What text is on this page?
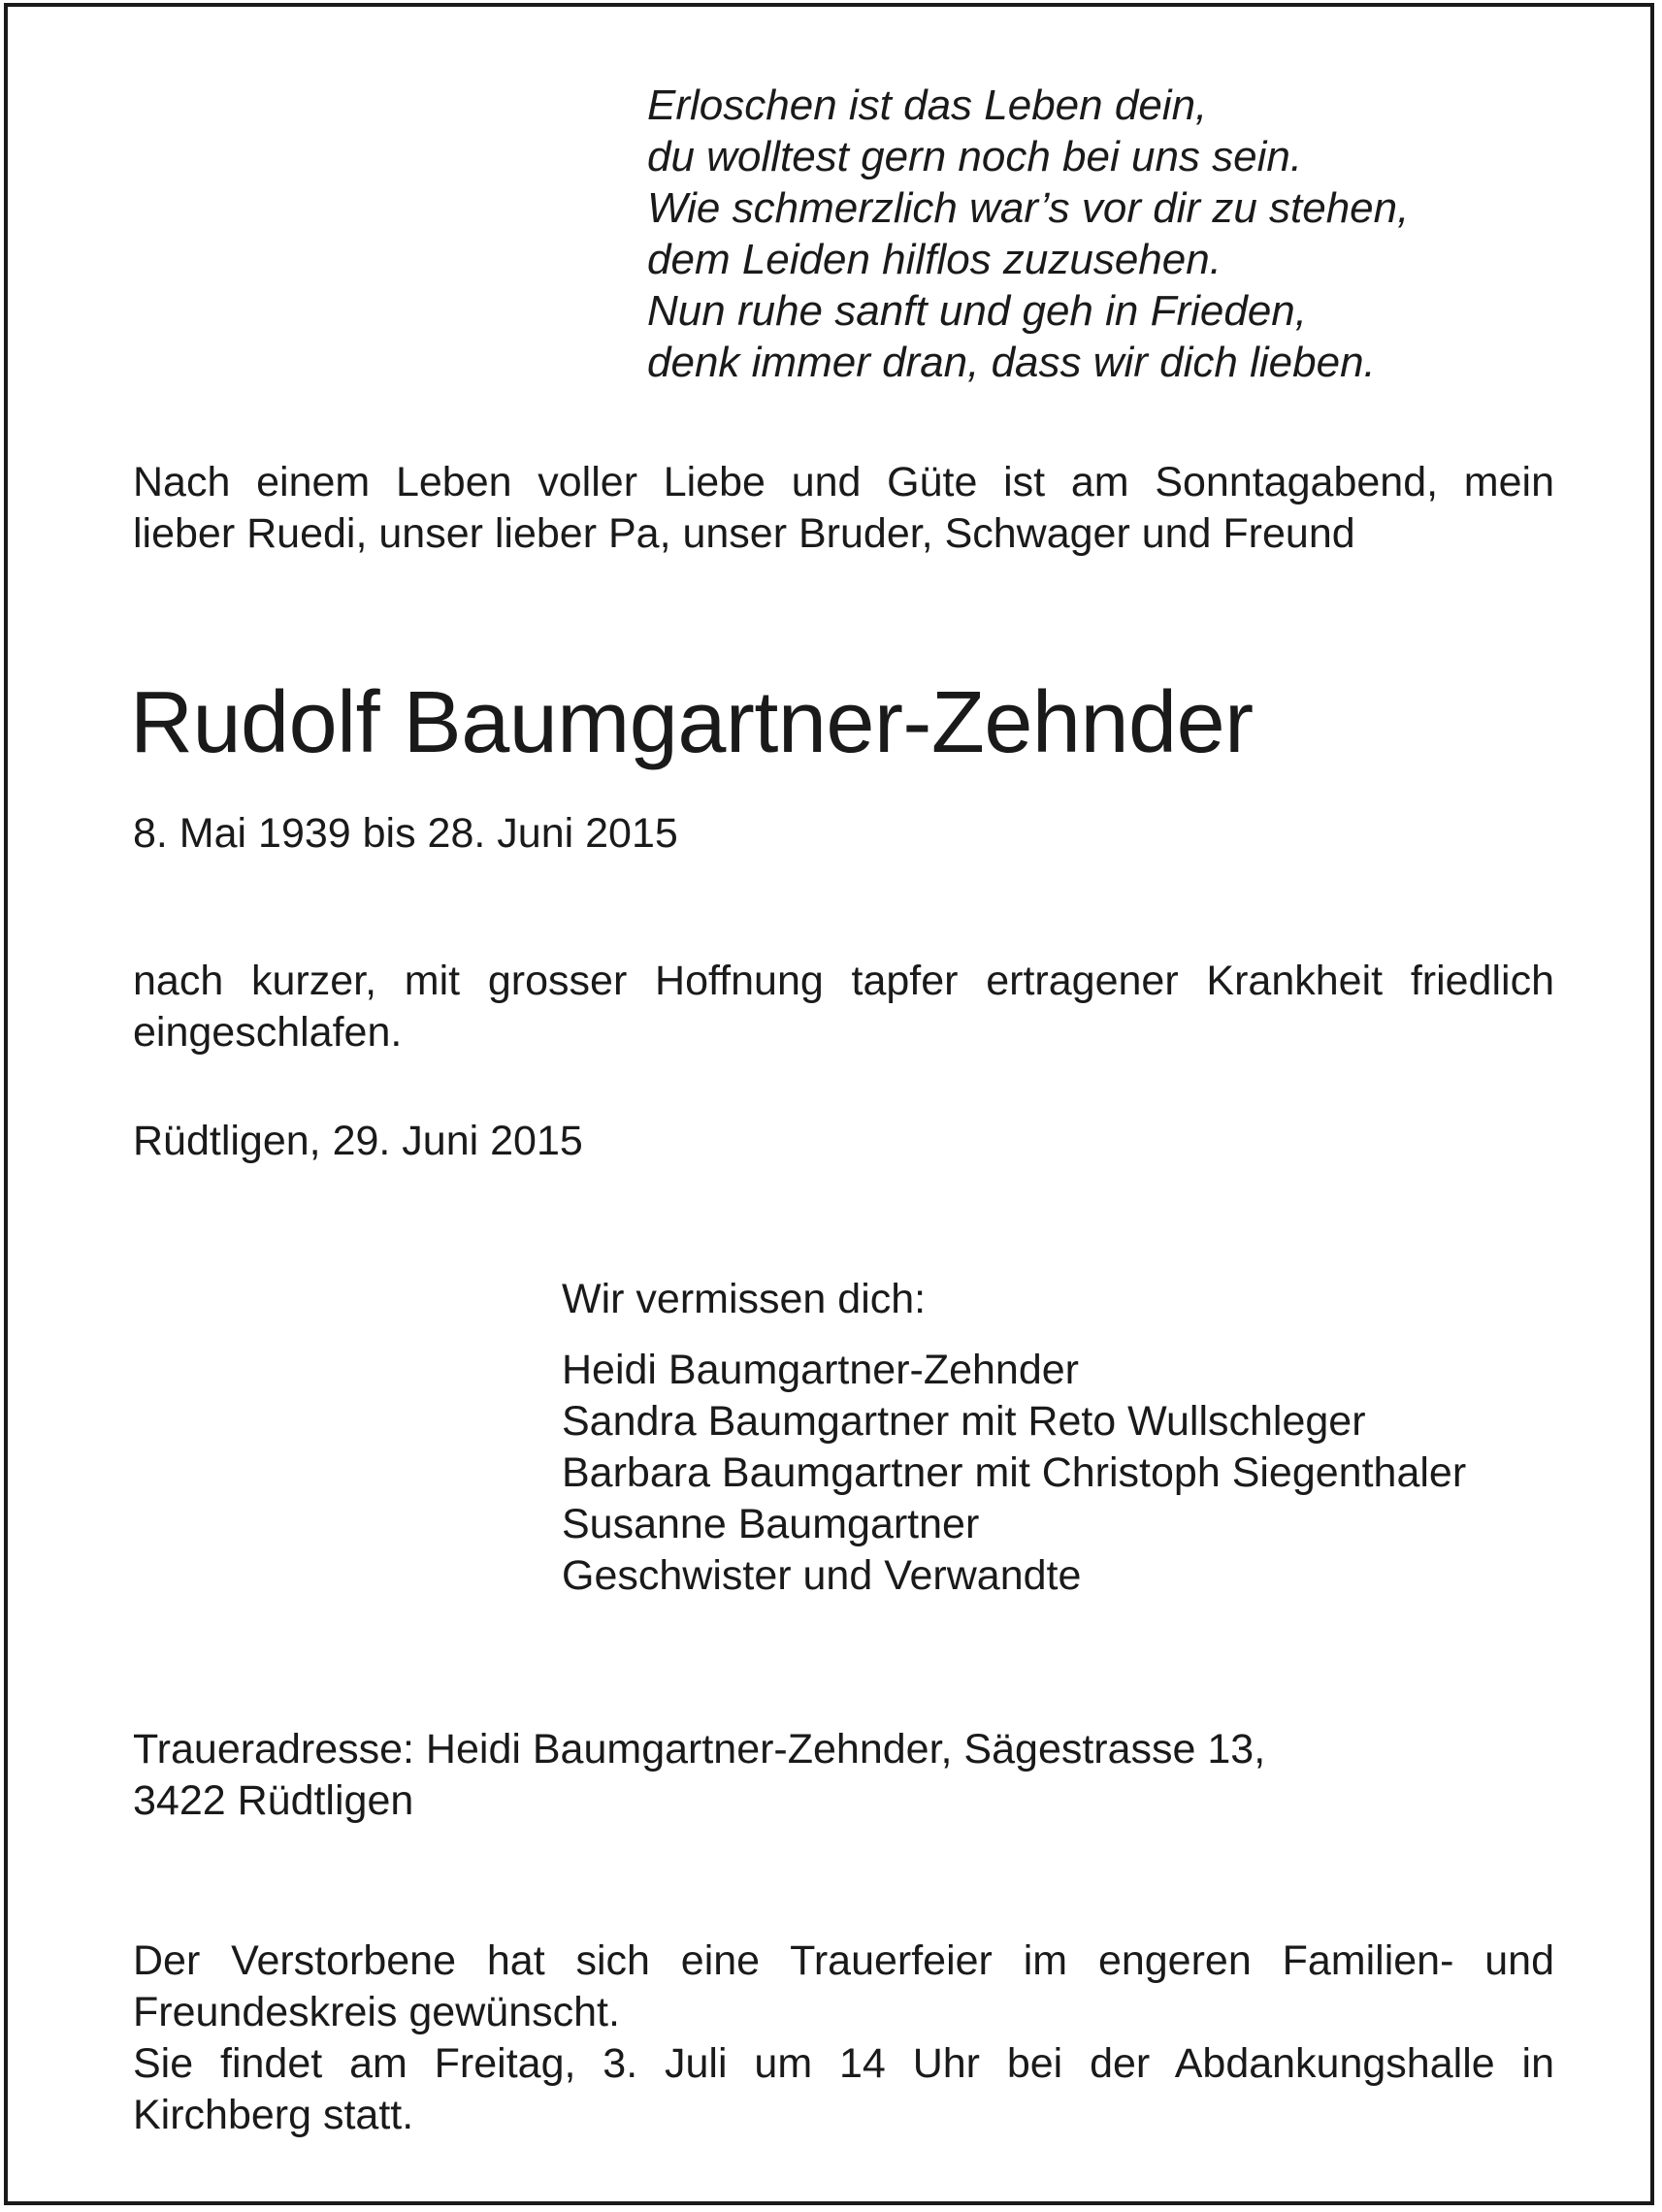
Erloschen ist das Leben dein,
du wolltest gern noch bei uns sein.
Wie schmerzlich war’s vor dir zu stehen,
dem Leiden hilflos zuzusehen.
Nun ruhe sanft und geh in Frieden,
denk immer dran, dass wir dich lieben.
Nach einem Leben voller Liebe und Güte ist am Sonntagabend, mein
lieber Ruedi, unser lieber Pa, unser Bruder, Schwager und Freund
Rudolf Baumgartner-Zehnder
8. Mai 1939 bis 28. Juni 2015
nach kurzer, mit grosser Hoffnung tapfer ertragener Krankheit friedlich
eingeschlafen.
Rüdtligen, 29. Juni 2015
Wir vermissen dich:
Heidi Baumgartner-Zehnder
Sandra Baumgartner mit Reto Wullschleger
Barbara Baumgartner mit Christoph Siegenthaler
Susanne Baumgartner
Geschwister und Verwandte
Traueradresse: Heidi Baumgartner-Zehnder, Sägestrasse 13,
3422 Rüdtligen
Der Verstorbene hat sich eine Trauerfeier im engeren Familien- und
Freundeskreis gewünscht.
Sie findet am Freitag, 3. Juli um 14 Uhr bei der Abdankungshalle in
Kirchberg statt.
